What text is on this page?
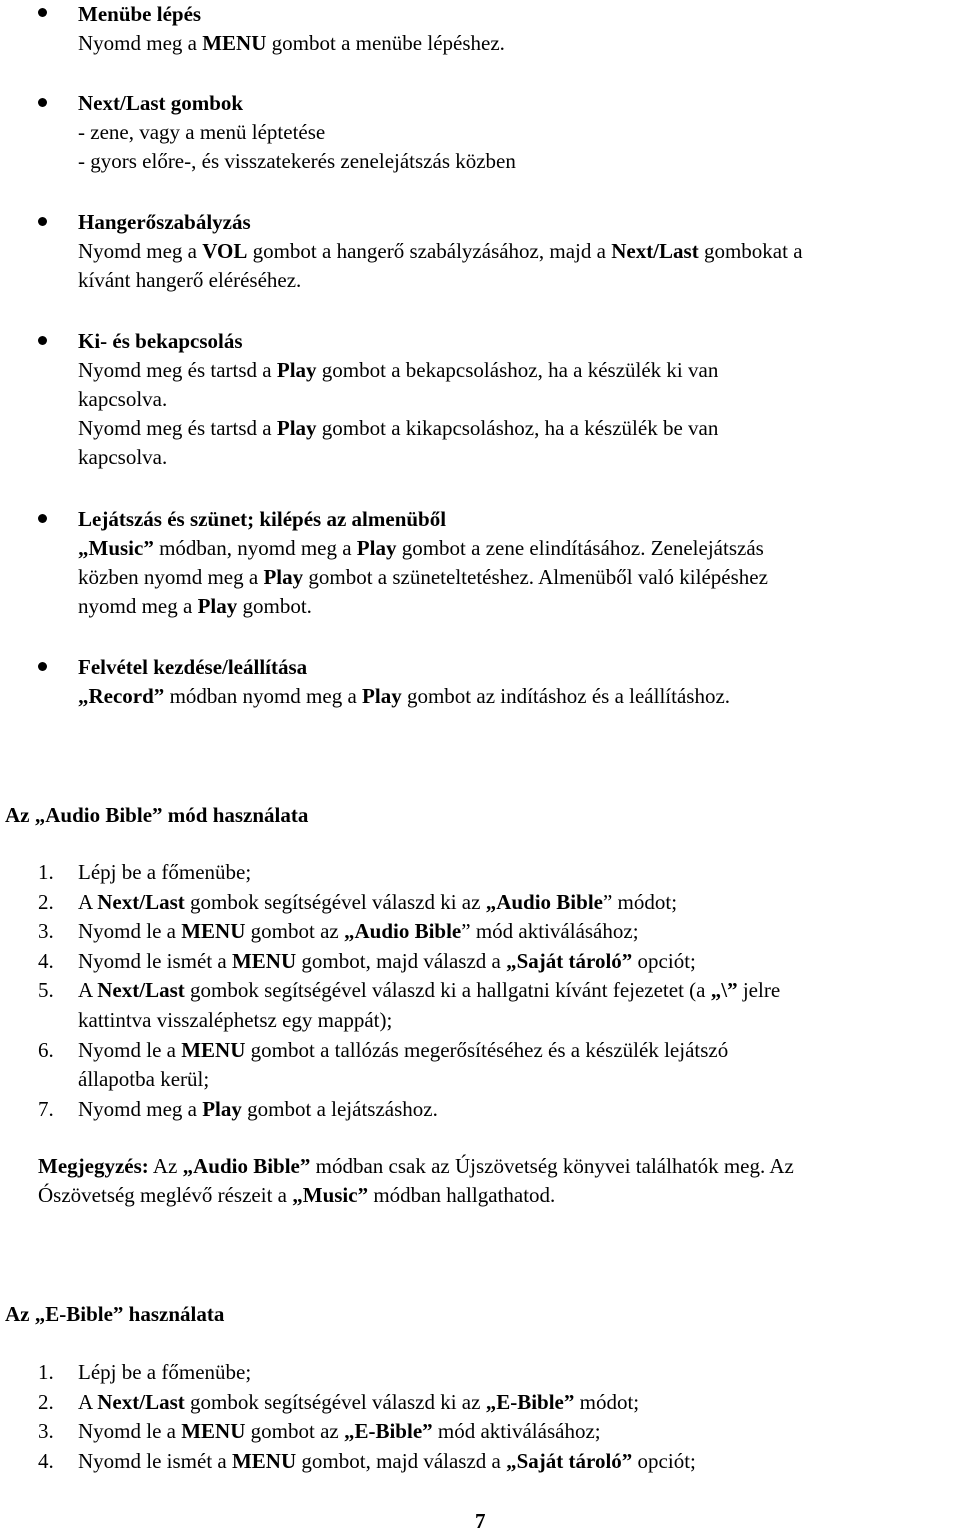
Menübe lépés
Nyomd meg a MENU gombot a menübe lépéshez.
Next/Last gombok
- zene, vagy a menü léptetése
- gyors előre-, és visszatekerés zenelejátszás közben
Hangerőszabályzás
Nyomd meg a VOL gombot a hangerő szabályzásához, majd a Next/Last gombokat a
kívánt hangerő eléréséhez.
Ki- és bekapcsolás
Nyomd meg és tartsd a Play gombot a bekapcsoláshoz, ha a készülék ki van
kapcsolva.
Nyomd meg és tartsd a Play gombot a kikapcsoláshoz, ha a készülék be van
kapcsolva.
Lejátszás és szünet; kilépés az almenüből
„Music” módban, nyomd meg a Play gombot a zene elindításához. Zenelejátszás
közben nyomd meg a Play gombot a szüneteltetéshez. Almenüből való kilépéshez
nyomd meg a Play gombot.
Felvétel kezdése/leállítása
„Record” módban nyomd meg a Play gombot az indításhoz és a leállításhoz.
Az „Audio Bible” mód használata
1. Lépj be a főmenübe;
2. A Next/Last gombok segítségével válaszd ki az „Audio Bible” módot;
3. Nyomd le a MENU gombot az „Audio Bible” mód aktiválásához;
4. Nyomd le ismét a MENU gombot, majd válaszd a „Saját tároló” opciót;
5. A Next/Last gombok segítségével válaszd ki a hallgatni kívánt fejezetet (a „\” jelre
kattintva visszaléphetsz egy mappát);
6. Nyomd le a MENU gombot a tallózás megerősítéséhez és a készülék lejátszó
állapotba kerül;
7. Nyomd meg a Play gombot a lejátszáshoz.
Megjegyzés: Az „Audio Bible” módban csak az Újszövetség könyvei találhatók meg. Az
Ószövetség meglévő részeit a „Music” módban hallgathatod.
Az „E-Bible” használata
1. Lépj be a főmenübe;
2. A Next/Last gombok segítségével válaszd ki az „E-Bible” módot;
3. Nyomd le a MENU gombot az „E-Bible” mód aktiválásához;
4. Nyomd le ismét a MENU gombot, majd válaszd a „Saját tároló” opciót;
7
